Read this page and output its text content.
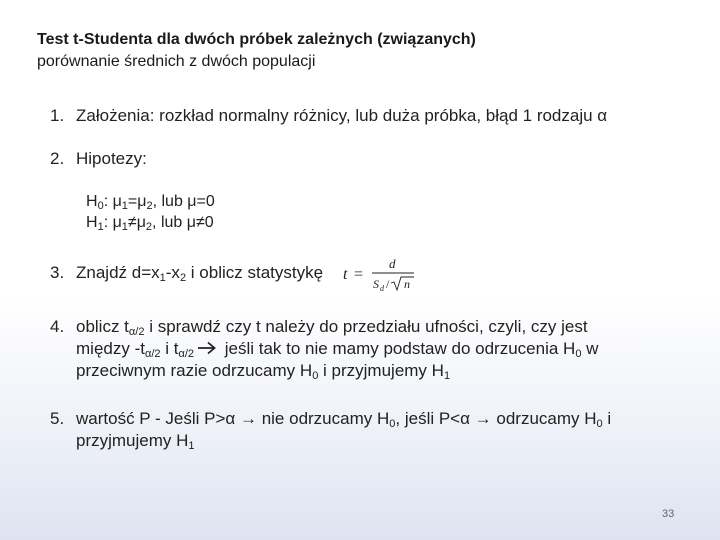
Test t-Studenta dla dwóch próbek zależnych (związanych)
porównanie średnich z dwóch populacji
1. Założenia: rozkład normalny różnicy, lub duża próbka, błąd 1 rodzaju α
2. Hipotezy:
$H_0$: $\mu_1=\mu_2$, lub μ=0
$H_1$: $\mu_1\ne\mu_2$, lub μ≠0
3. Znajdź $d=x_1-x_2$ i oblicz statystykę t =
d
S d / n
4. oblicz $t_{\alpha/2}$ i sprawdź czy t należy do przedziału ufności, czyli, czy jest
między $-t_{\alpha/2}$ i $t_{\alpha/2}$ jeśli tak to nie mamy podstaw do odrzucenia $H_0$ w
przeciwnym razie odrzucamy $H_0$ i przyjmujemy $H_1$
5. wartość P - Jeśli P>α → nie odrzucamy $H_0$, jeśli P<α → odrzucamy $H_0$ i
przyjmujemy $H_1$
33
